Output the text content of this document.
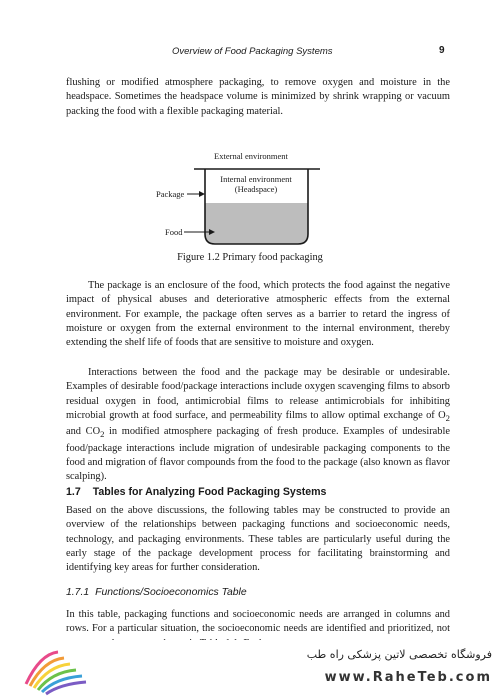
Overview of Food Packaging Systems	9

flushing or modified atmosphere packaging, to remove oxygen and moisture in the headspace. Sometimes the headspace volume is minimized by shrink wrapping or vacuum packing the food with a flexible packaging material.

External environment
Internal environment
(Headspace)
Package
Food
Figure 1.2 Primary food packaging

The package is an enclosure of the food, which protects the food against the negative impact of physical abuses and deteriorative atmospheric effects from the external environment. For example, the package often serves as a barrier to retard the ingress of moisture or oxygen from the external environment to the internal environment, thereby extending the shelf life of foods that are sensitive to moisture and oxygen.

Interactions between the food and the package may be desirable or undesirable. Examples of desirable food/package interactions include oxygen scavenging films to absorb residual oxygen in food, antimicrobial films to release antimicrobials for inhibiting microbial growth at food surface, and permeability films to allow optimal exchange of $O_2$ and $CO_2$ in modified atmosphere packaging of fresh produce. Examples of undesirable food/package interactions include migration of undesirable packaging components to the food and migration of flavor compounds from the food to the package (also known as flavor scalping).

1.7 Tables for Analyzing Food Packaging Systems

Based on the above discussions, the following tables may be constructed to provide an overview of the relationships between packaging functions and socioeconomic needs, technology, and packaging environments. These tables are particularly useful during the early stage of the package development process for facilitating brainstorming and identifying key areas for further consideration.

1.7.1 Functions/Socioeconomics Table

In this table, packaging functions and socioeconomic needs are arranged in columns and rows. For a particular situation, the socioeconomic needs are identified and prioritized, not

فروشگاه تخصصی لاتین پزشکی راه طب
www.RaheTeb.com
